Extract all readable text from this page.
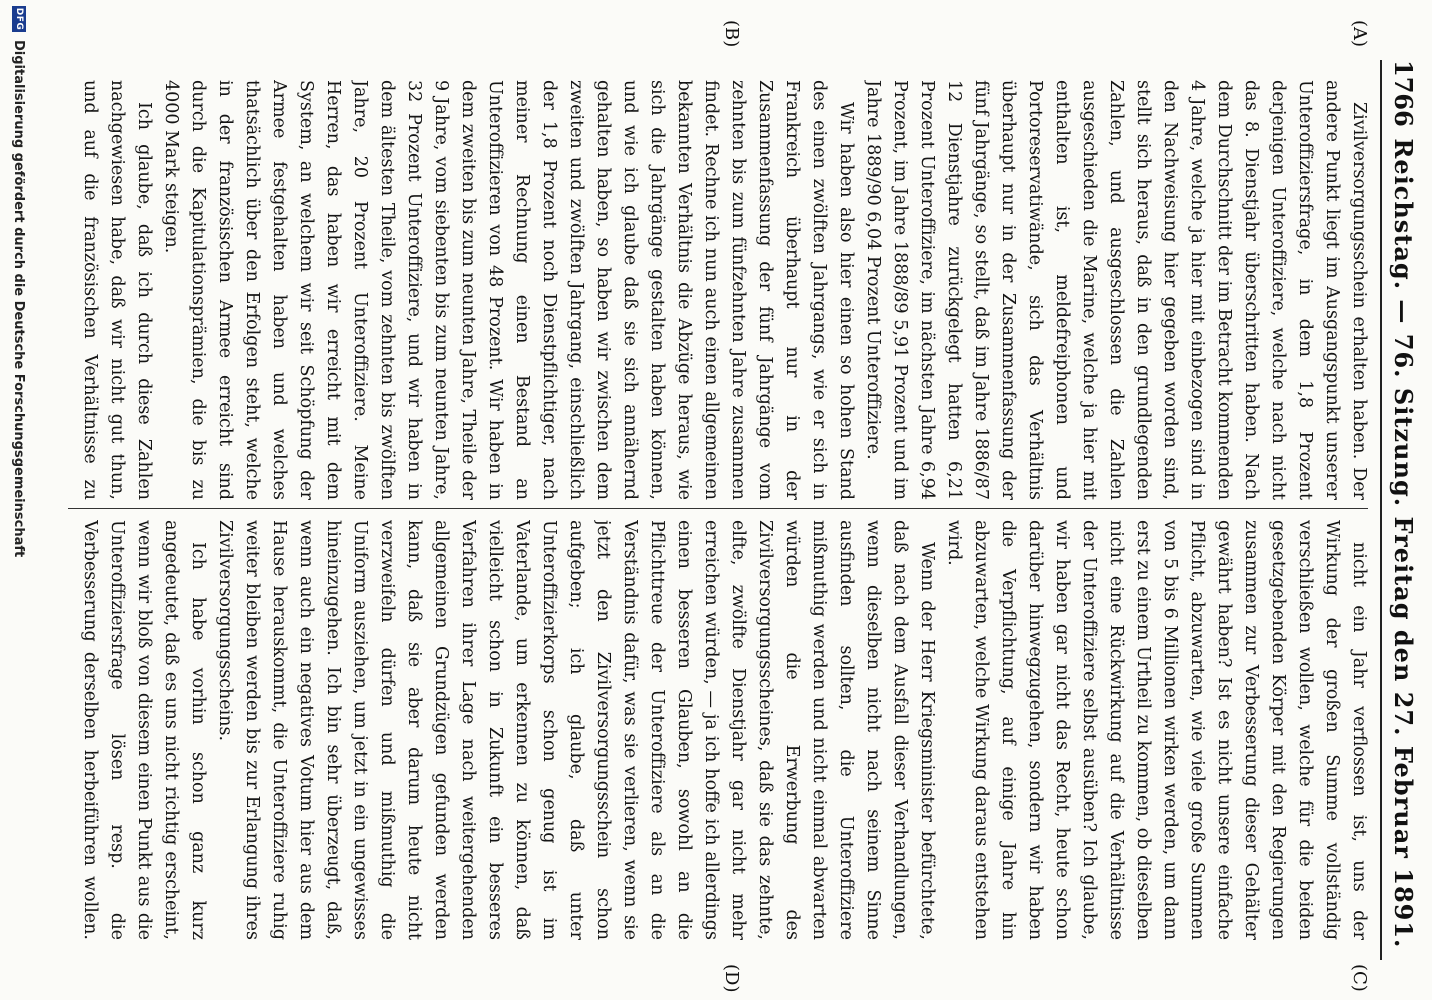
1766
Reichstag. — 76. Sitzung. Freitag den 27. Februar 1891.
(A)
(B)
(C)
(D)

Zivilversorgungsschein erhalten haben. Der andere Punkt liegt im Ausgangspunkt unserer Unteroffiziersfrage, in dem 1,8 Prozent derjenigen Unteroffiziere, welche nach nicht das 8. Dienstjahr überschritten haben. Nach dem Durchschnitt der im Betracht kommenden 4 Jahre, welche ja hier mit einbezogen sind in den Nachweisung hier gegeben worden sind, stellt sich heraus, daß in den grundlegenden Zahlen, und ausgeschlossen die Zahlen ausgeschieden die Marine, welche ja hier mit enthalten ist, meldefreiphonen und Portoreservatiwände, sich das Verhältnis überhaupt nur in der Zusammenfassung der fünf Jahrgänge, so stellt, daß im Jahre 1886/87 12 Dienstjahre zurückgelegt hatten 6,21 Prozent Unteroffiziere, im nächsten Jahre 6,94 Prozent, im Jahre 1888/89 5,91 Prozent und im Jahre 1889/90 6,04 Prozent Unteroffiziere.

Wir haben also hier einen so hohen Stand des einen zwölften Jahrgangs, wie er sich in Frankreich überhaupt nur in der Zusammenfassung der fünf Jahrgänge vom zehnten bis zum fünfzehnten Jahre zusammen findet. Rechne ich nun auch einen allgemeinen bekannten Verhältnis die Abzüge heraus, wie sich die Jahrgänge gestalten haben können, und wie ich glaube daß sie sich annähernd gehalten haben, so haben wir zwischen dem zweiten und zwölften Jahrgang, einschließlich der 1,8 Prozent noch Dienstpflichtiger, nach meiner Rechnung einen Bestand an Unteroffizieren von 48 Prozent. Wir haben in dem zweiten bis zum neunten Jahre, Theile der 9 Jahre, vom siebenten bis zum neunten Jahre, 32 Prozent Unteroffiziere, und wir haben in dem ältesten Theile, vom zehnten bis zwölften Jahre, 20 Prozent Unteroffiziere. Meine Herren, das haben wir erreicht mit dem System, an welchem wir seit Schöpfung der Armee festgehalten haben und welches thatsächlich über den Erfolgen steht, welche in der französischen Armee erreicht sind durch die Kapitulationsprämien, die bis zu 4000 Mark steigen.

Ich glaube, daß ich durch diese Zahlen nachgewiesen habe, daß wir nicht gut thun, und auf die französischen Verhältnisse zu

nicht ein Jahr verflossen ist, uns der Wirkung der großen Summe vollständig verschließen wollen, welche für die beiden gesetzgebenden Körper mit den Regierungen zusammen zur Verbesserung dieser Gehälter gewährt haben? Ist es nicht unsere einfache Pflicht, abzuwarten, wie viele große Summen von 5 bis 6 Millionen wirken werden, um dann erst zu einem Urtheil zu kommen, ob dieselben nicht eine Rückwirkung auf die Verhältnisse der Unteroffiziere selbst ausüben? Ich glaube, wir haben gar nicht das Recht, heute schon darüber hinwegzugehen, sondern wir haben die Verpflichtung, auf einige Jahre hin abzuwarten, welche Wirkung daraus entstehen wird.

Wenn der Herr Kriegsminister befürchtete, daß nach dem Ausfall dieser Verhandlungen, wenn dieselben nicht nach seinem Sinne ausfinden sollten, die Unteroffiziere mißmuthig werden und nicht einmal abwarten würden die Erwerbung des Zivilversorgungsscheines, daß sie das zehnte, elfte, zwölfte Dienstjahr gar nicht mehr erreichen würden, — ja ich hoffe ich allerdings einen besseren Glauben, sowohl an die Pflichttreue der Unteroffiziere als an die Verständnis dafür, was sie verlieren, wenn sie jetzt den Zivilversorgungsschein schon aufgeben; ich glaube, daß unter Unteroffizierkorps schon genug ist im Vaterlande, um erkennen zu können, daß vielleicht schon in Zukunft ein besseres Verfahren ihrer Lage nach weitergehenden allgemeinen Grundzügen gefunden werden kann, daß sie aber darum heute nicht verzweifeln dürfen und mißmuthig die Uniform ausziehen, um jetzt in ein ungewisses hineinzugehen. Ich bin sehr überzeugt, daß, wenn auch ein negatives Votum hier aus dem Hause herauskommt, die Unteroffiziere ruhig weiter bleiben werden bis zur Erlangung ihres Zivilversorgungsscheins.

Ich habe vorhin schon ganz kurz angedeutet, daß es uns nicht richtig erscheint, wenn wir bloß von diesem einen Punkt aus die Unteroffiziersfrage lösen resp. die Verbesserung derselben herbeiführen wollen.

DFG
Digitalisierung gefördert durch die Deutsche Forschungsgemeinschaft
